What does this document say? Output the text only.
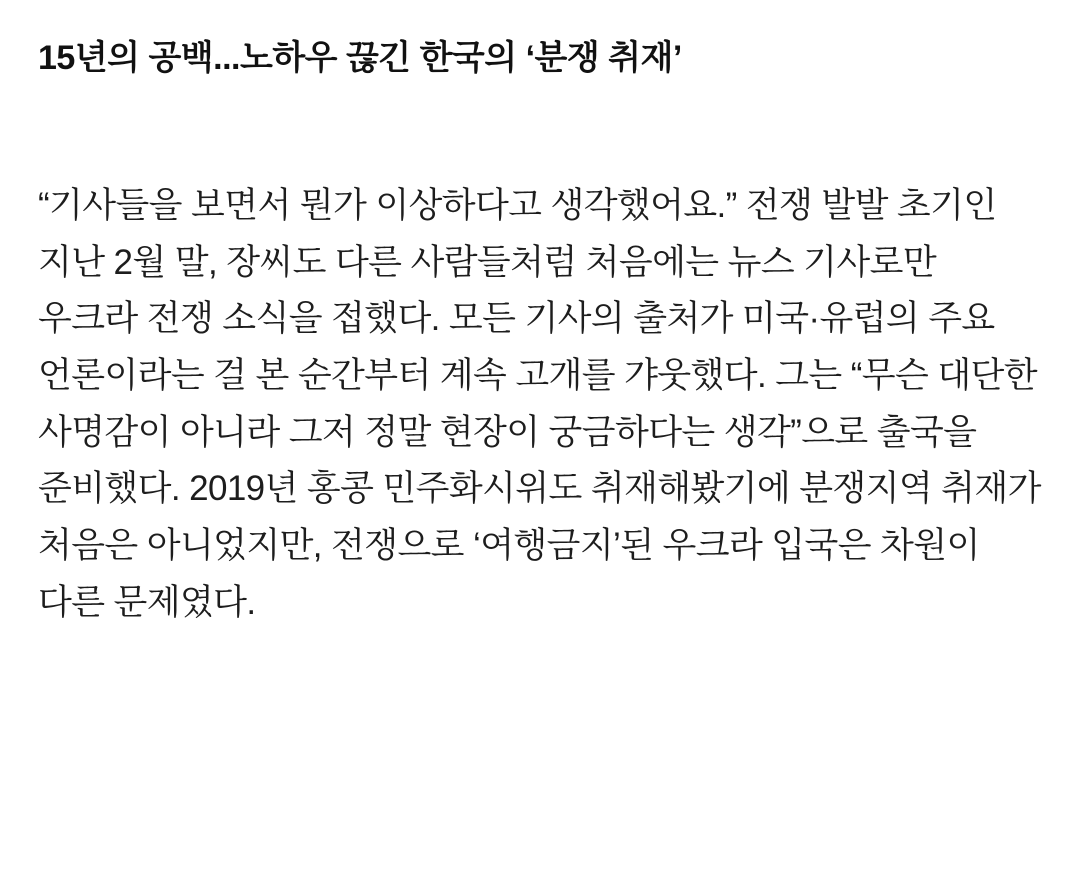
15년의 공백...노하우 끊긴 한국의 ‘분쟁 취재’

“기사들을 보면서 뭔가 이상하다고 생각했어요.” 전쟁 발발 초기인 지난 2월 말, 장씨도 다른 사람들처럼 처음에는 뉴스 기사로만 우크라 전쟁 소식을 접했다. 모든 기사의 출처가 미국·유럽의 주요 언론이라는 걸 본 순간부터 계속 고개를 갸웃했다. 그는 “무슨 대단한 사명감이 아니라 그저 정말 현장이 궁금하다는 생각”으로 출국을 준비했다. 2019년 홍콩 민주화시위도 취재해봤기에 분쟁지역 취재가 처음은 아니었지만, 전쟁으로 ‘여행금지’된 우크라 입국은 차원이 다른 문제였다.
